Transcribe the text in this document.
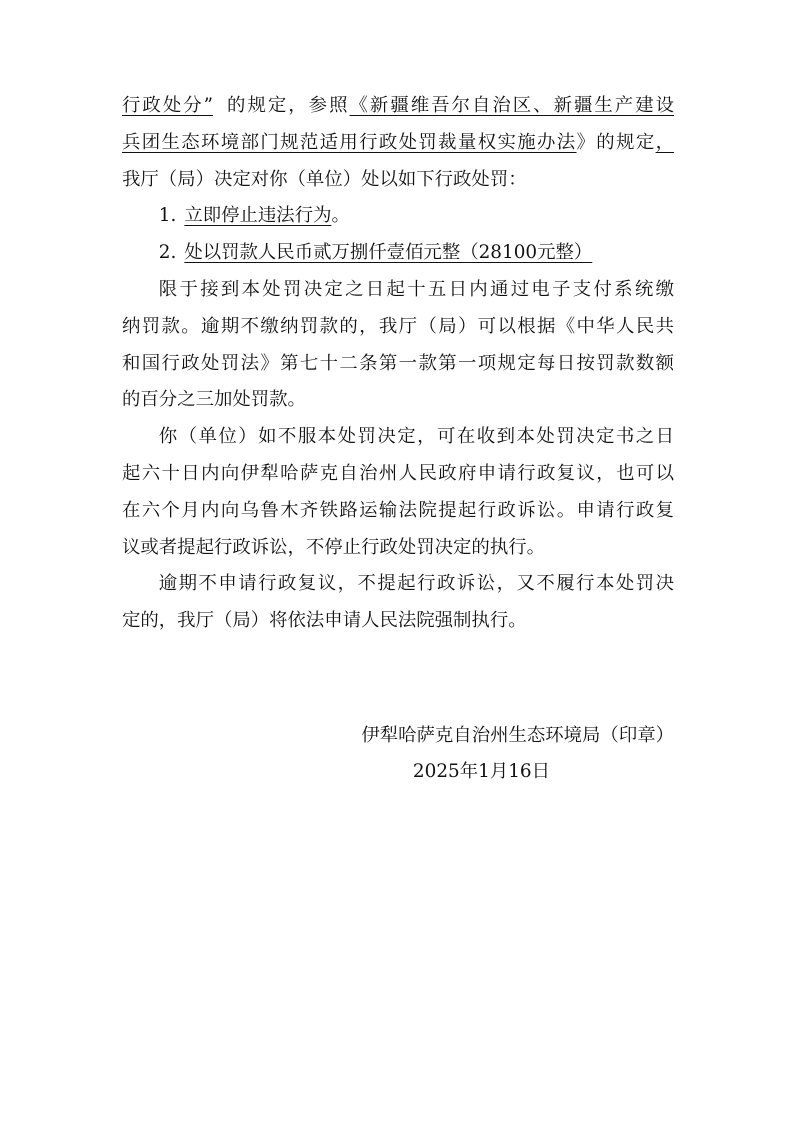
行政处分” 的规定，参照《新疆维吾尔自治区、新疆生产建设
兵团生态环境部门规范适用行政处罚裁量权实施办法》的规定，
我厅（局）决定对你（单位）处以如下行政处罚：
1. 立即停止违法行为。
2. 处以罚款人民币贰万捌仟壹佰元整（28100元整）
限于接到本处罚决定之日起十五日内通过电子支付系统缴
纳罚款。逾期不缴纳罚款的，我厅（局）可以根据《中华人民共
和国行政处罚法》第七十二条第一款第一项规定每日按罚款数额
的百分之三加处罚款。
你（单位）如不服本处罚决定，可在收到本处罚决定书之日
起六十日内向伊犁哈萨克自治州人民政府申请行政复议，也可以
在六个月内向乌鲁木齐铁路运输法院提起行政诉讼。申请行政复
议或者提起行政诉讼，不停止行政处罚决定的执行。
逾期不申请行政复议，不提起行政诉讼，又不履行本处罚决
定的，我厅（局）将依法申请人民法院强制执行。
伊犁哈萨克自治州生态环境局（印章）
2025年1月16日
